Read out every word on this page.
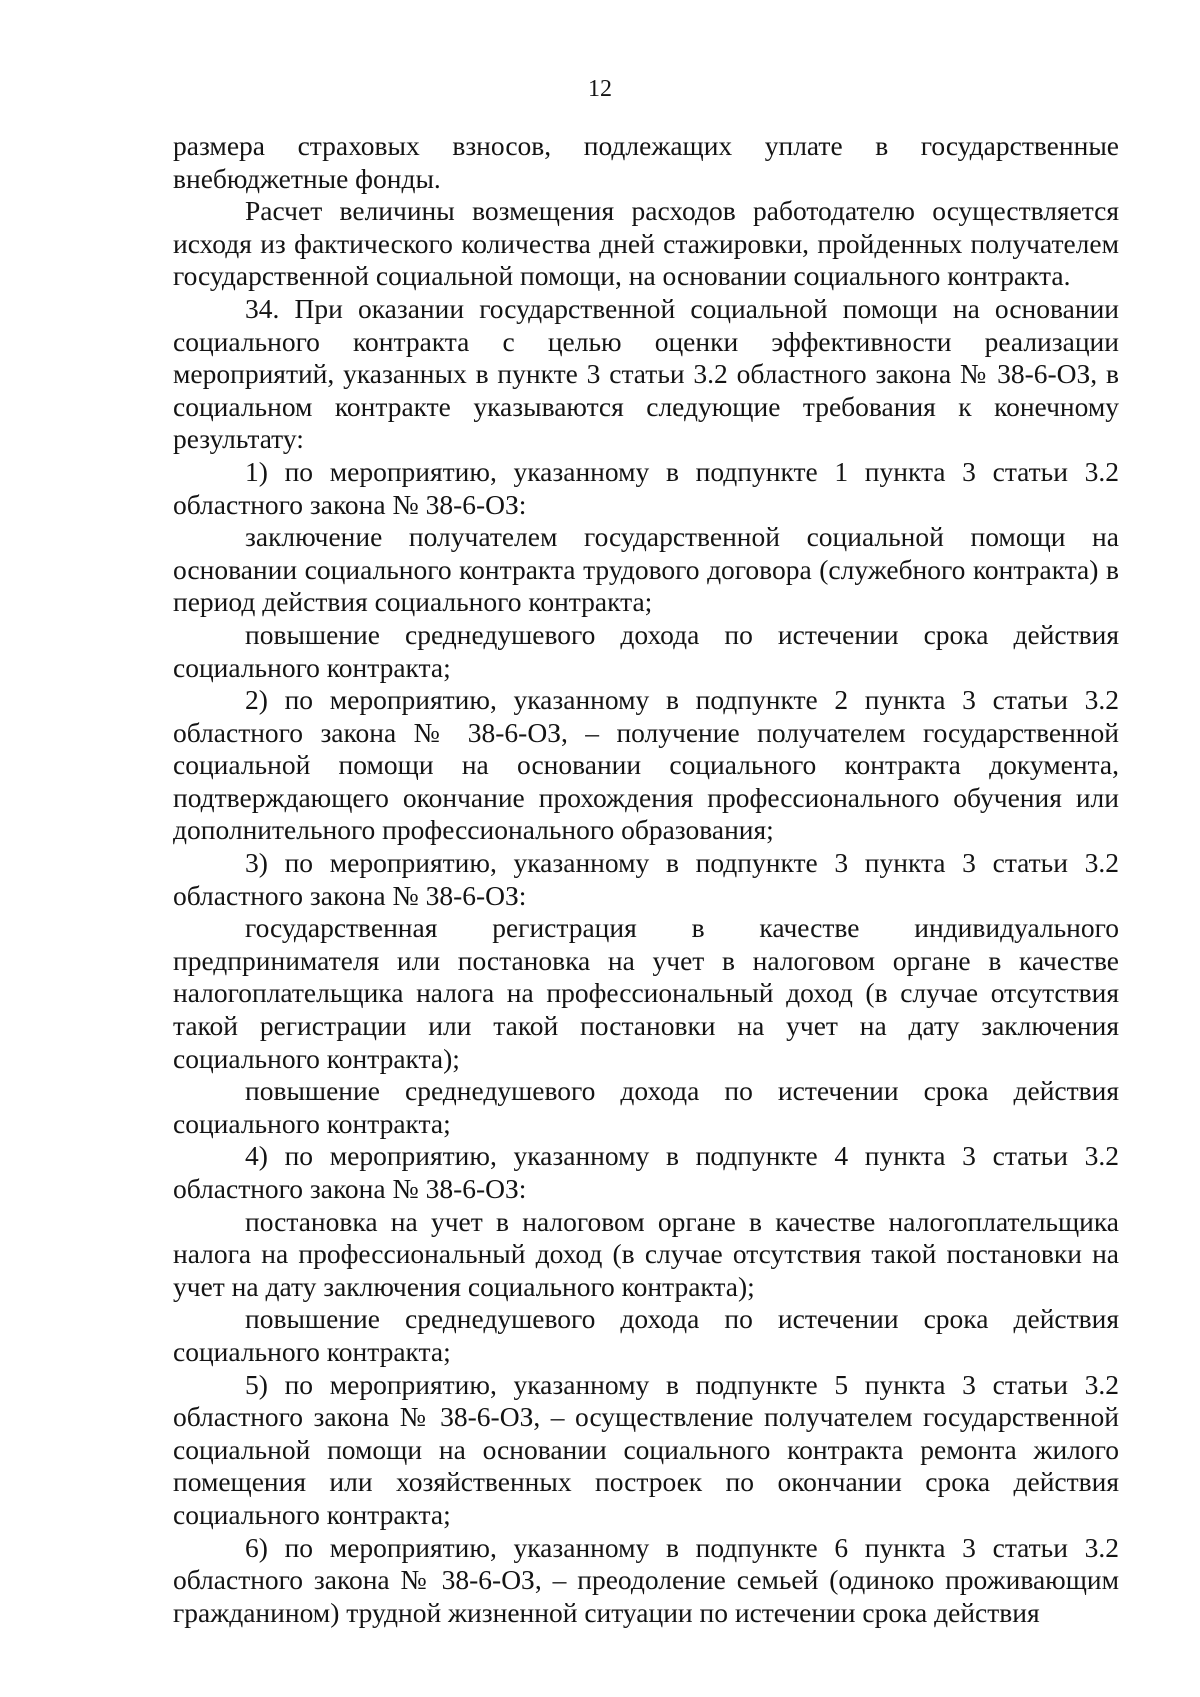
12

размера страховых взносов, подлежащих уплате в государственные внебюджетные фонды.

Расчет величины возмещения расходов работодателю осуществляется исходя из фактического количества дней стажировки, пройденных получателем государственной социальной помощи, на основании социального контракта.

34. При оказании государственной социальной помощи на основании социального контракта с целью оценки эффективности реализации мероприятий, указанных в пункте 3 статьи 3.2 областного закона № 38-6-ОЗ, в социальном контракте указываются следующие требования к конечному результату:

1) по мероприятию, указанному в подпункте 1 пункта 3 статьи 3.2 областного закона № 38-6-ОЗ:

заключение получателем государственной социальной помощи на основании социального контракта трудового договора (служебного контракта) в период действия социального контракта;

повышение среднедушевого дохода по истечении срока действия социального контракта;

2) по мероприятию, указанному в подпункте 2 пункта 3 статьи 3.2 областного закона № 38-6-ОЗ, – получение получателем государственной социальной помощи на основании социального контракта документа, подтверждающего окончание прохождения профессионального обучения или дополнительного профессионального образования;

3) по мероприятию, указанному в подпункте 3 пункта 3 статьи 3.2 областного закона № 38-6-ОЗ:

государственная регистрация в качестве индивидуального предпринимателя или постановка на учет в налоговом органе в качестве налогоплательщика налога на профессиональный доход (в случае отсутствия такой регистрации или такой постановки на учет на дату заключения социального контракта);

повышение среднедушевого дохода по истечении срока действия социального контракта;

4) по мероприятию, указанному в подпункте 4 пункта 3 статьи 3.2 областного закона № 38-6-ОЗ:

постановка на учет в налоговом органе в качестве налогоплательщика налога на профессиональный доход (в случае отсутствия такой постановки на учет на дату заключения социального контракта);

повышение среднедушевого дохода по истечении срока действия социального контракта;

5) по мероприятию, указанному в подпункте 5 пункта 3 статьи 3.2 областного закона № 38-6-ОЗ, – осуществление получателем государственной социальной помощи на основании социального контракта ремонта жилого помещения или хозяйственных построек по окончании срока действия социального контракта;

6) по мероприятию, указанному в подпункте 6 пункта 3 статьи 3.2 областного закона № 38-6-ОЗ, – преодоление семьей (одиноко проживающим гражданином) трудной жизненной ситуации по истечении срока действия
